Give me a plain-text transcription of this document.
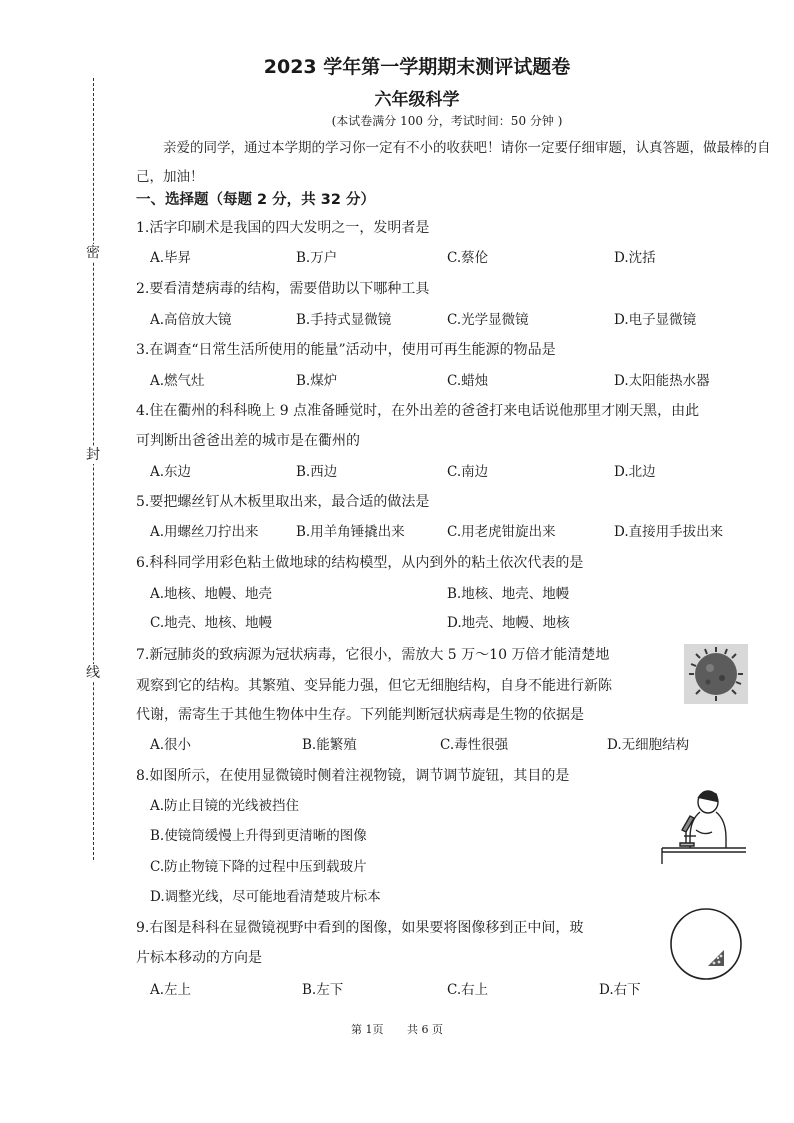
密
封
线
2023 学年第一学期期末测评试题卷
六年级科学
(本试卷满分 100 分，考试时间：50 分钟 )
亲爱的同学，通过本学期的学习你一定有不小的收获吧！请你一定要仔细审题，认真答题，做最棒的自己，加油！
一、选择题（每题 2 分，共 32 分）
1.活字印刷术是我国的四大发明之一，发明者是
A.毕昇	B.万户	C.蔡伦	D.沈括
2.要看清楚病毒的结构，需要借助以下哪种工具
A.高倍放大镜	B.手持式显微镜	C.光学显微镜	D.电子显微镜
3.在调查“日常生活所使用的能量”活动中，使用可再生能源的物品是
A.燃气灶	B.煤炉	C.蜡烛	D.太阳能热水器
4.住在衢州的科科晚上 9 点准备睡觉时，在外出差的爸爸打来电话说他那里才刚天黑，由此
可判断出爸爸出差的城市是在衢州的
A.东边	B.西边	C.南边	D.北边
5.要把螺丝钉从木板里取出来，最合适的做法是
A.用螺丝刀拧出来	B.用羊角锤撬出来	C.用老虎钳旋出来	D.直接用手拔出来
6.科科同学用彩色粘土做地球的结构模型，从内到外的粘土依次代表的是
A.地核、地幔、地壳	B.地核、地壳、地幔
C.地壳、地核、地幔	D.地壳、地幔、地核
7.新冠肺炎的致病源为冠状病毒，它很小，需放大 5 万～10 万倍才能清楚地
观察到它的结构。其繁殖、变异能力强，但它无细胞结构，自身不能进行新陈
代谢，需寄生于其他生物体中生存。下列能判断冠状病毒是生物的依据是
A.很小	B.能繁殖	C.毒性很强	D.无细胞结构
8.如图所示，在使用显微镜时侧着注视物镜，调节调节旋钮，其目的是
A.防止目镜的光线被挡住
B.使镜筒缓慢上升得到更清晰的图像
C.防止物镜下降的过程中压到载玻片
D.调整光线，尽可能地看清楚玻片标本
9.右图是科科在显微镜视野中看到的图像，如果要将图像移到正中间，玻
片标本移动的方向是
A.左上	B.左下	C.右上	D.右下
第 1页 共 6 页
